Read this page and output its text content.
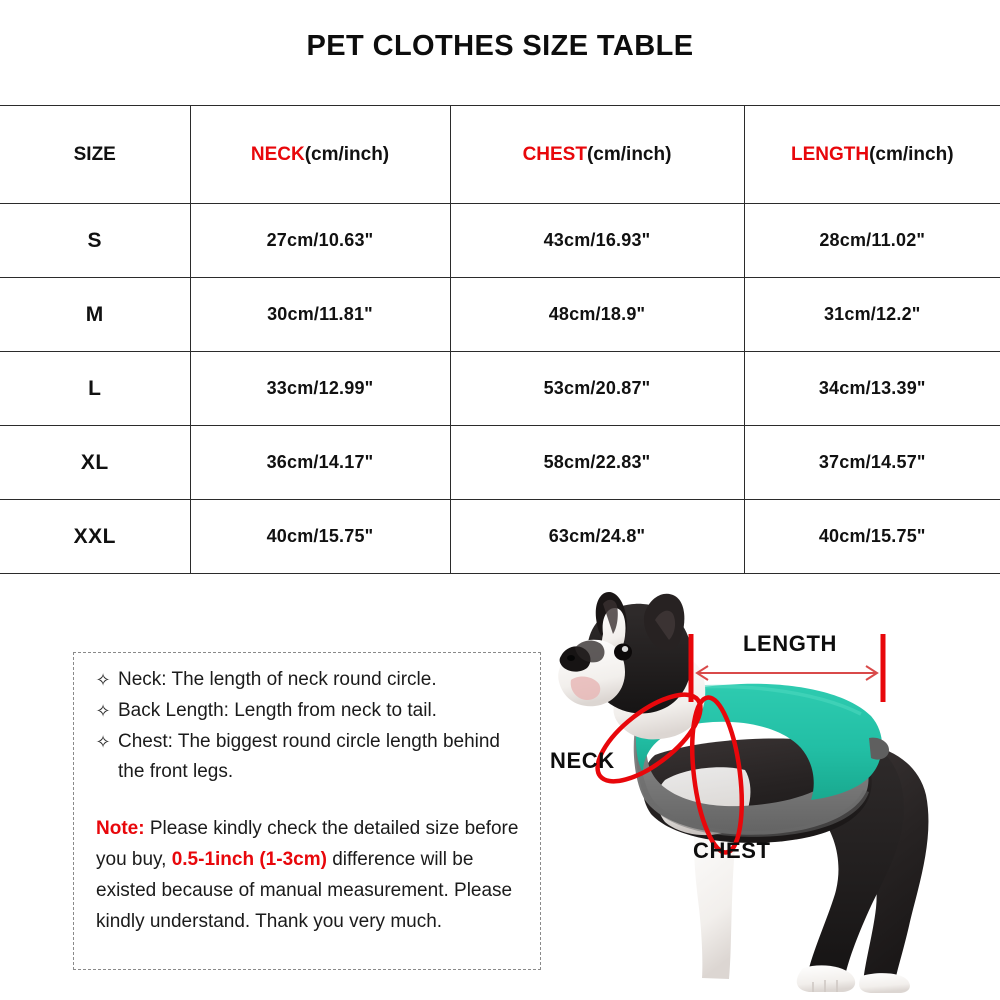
PET CLOTHES SIZE TABLE
SIZE	NECK(cm/inch)	CHEST(cm/inch)	LENGTH(cm/inch)
S	27cm/10.63"	43cm/16.93"	28cm/11.02"
M	30cm/11.81"	48cm/18.9"	31cm/12.2"
L	33cm/12.99"	53cm/20.87"	34cm/13.39"
XL	36cm/14.17"	58cm/22.83"	37cm/14.57"
XXL	40cm/15.75"	63cm/24.8"	40cm/15.75"
✧ Neck: The length of neck round circle.
✧ Back Length: Length from neck to tail.
✧ Chest: The biggest round circle length behind the front legs.
Note: Please kindly check the detailed size before you buy, 0.5-1inch (1-3cm) difference will be existed because of manual measurement. Please kindly understand. Thank you very much.
LENGTH
NECK
CHEST
